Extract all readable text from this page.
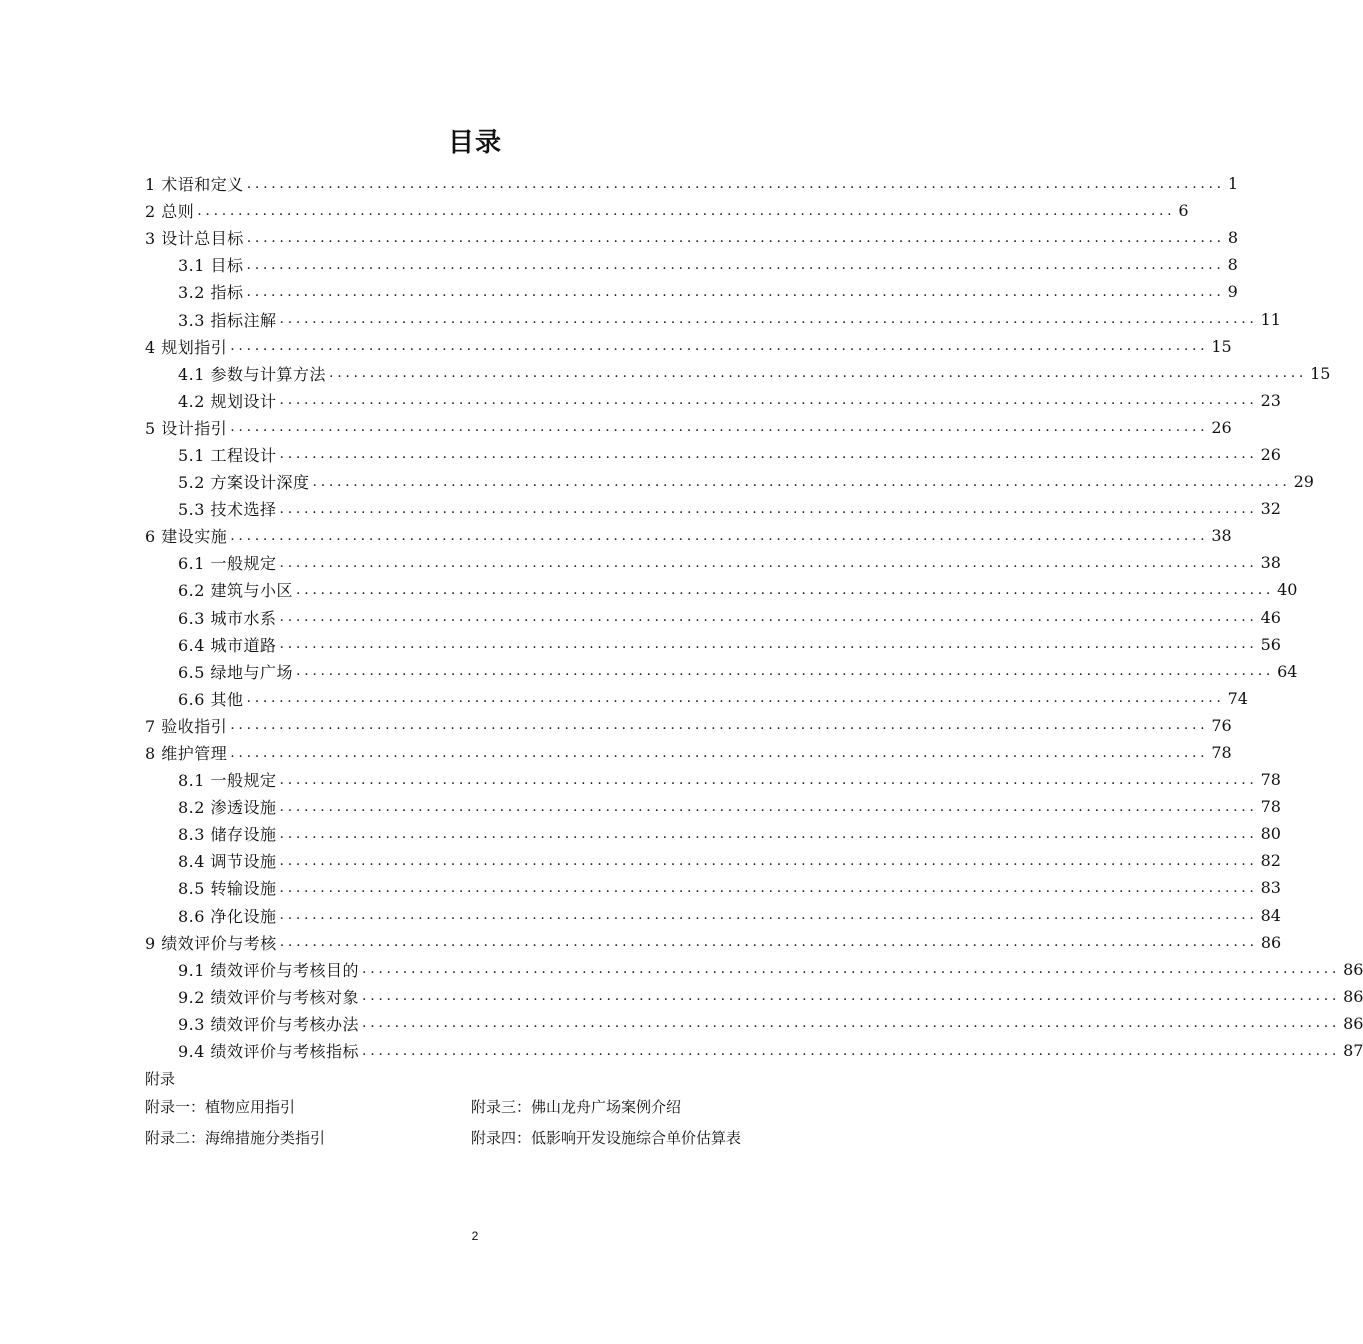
目录
1 术语和定义 ........................................................................................................................ 1
2 总则 ........................................................................................................................ 6
3 设计总目标 ........................................................................................................................ 8
3.1 目标 ........................................................................................................................ 8
3.2 指标 ........................................................................................................................ 9
3.3 指标注解 ........................................................................................................................ 11
4 规划指引 ........................................................................................................................ 15
4.1 参数与计算方法 ........................................................................................................................ 15
4.2 规划设计 ........................................................................................................................ 23
5 设计指引 ........................................................................................................................ 26
5.1 工程设计 ........................................................................................................................ 26
5.2 方案设计深度 ........................................................................................................................ 29
5.3 技术选择 ........................................................................................................................ 32
6 建设实施 ........................................................................................................................ 38
6.1 一般规定 ........................................................................................................................ 38
6.2 建筑与小区 ........................................................................................................................ 40
6.3 城市水系 ........................................................................................................................ 46
6.4 城市道路 ........................................................................................................................ 56
6.5 绿地与广场 ........................................................................................................................ 64
6.6 其他 ........................................................................................................................ 74
7 验收指引 ........................................................................................................................ 76
8 维护管理 ........................................................................................................................ 78
8.1 一般规定 ........................................................................................................................ 78
8.2 渗透设施 ........................................................................................................................ 78
8.3 储存设施 ........................................................................................................................ 80
8.4 调节设施 ........................................................................................................................ 82
8.5 转输设施 ........................................................................................................................ 83
8.6 净化设施 ........................................................................................................................ 84
9 绩效评价与考核 ........................................................................................................................ 86
9.1 绩效评价与考核目的 ........................................................................................................................ 86
9.2 绩效评价与考核对象 ........................................................................................................................ 86
9.3 绩效评价与考核办法 ........................................................................................................................ 86
9.4 绩效评价与考核指标 ........................................................................................................................ 87
附录
附录一：植物应用指引	附录三：佛山龙舟广场案例介绍
附录二：海绵措施分类指引	附录四：低影响开发设施综合单价估算表
2
